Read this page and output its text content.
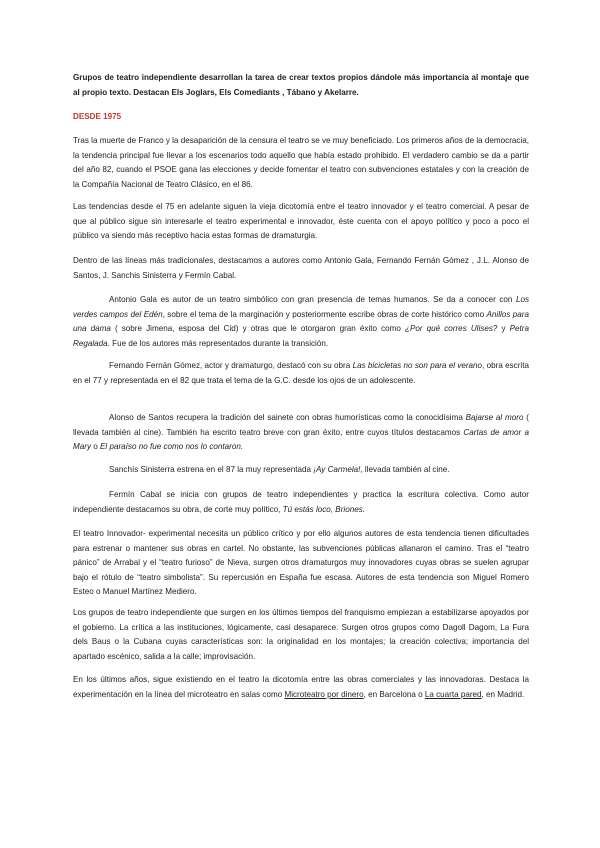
Grupos de teatro independiente desarrollan la tarea de crear textos propios dándole más importancia al montaje que al propio texto. Destacan Els Joglars, Els Comediants , Tábano y Akelarre.

DESDE 1975

Tras la muerte de Franco y la desaparición de la censura el teatro se ve muy beneficiado. Los primeros años de la democracia, la tendencia principal fue llevar a los escenarios todo aquello que había estado prohibido. El verdadero cambio se da a partir del año 82, cuando el PSOE gana las elecciones y decide fomentar el teatro con subvenciones estatales y con la creación de la Compañía Nacional de Teatro Clásico, en el 86.

Las tendencias desde el 75 en adelante siguen la vieja dicotomía entre el teatro innovador y el teatro comercial. A pesar de que al público sigue sin interesarle el teatro experimental e innovador, éste cuenta con el apoyo político y poco a poco el público va siendo más receptivo hacia estas formas de dramaturgia.

Dentro de las líneas más tradicionales, destacamos a autores como Antonio Gala, Fernando Fernán Gómez , J.L. Alonso de Santos, J. Sanchis Sinisterra y Fermín Cabal.

Antonio Gala es autor de un teatro simbólico con gran presencia de temas humanos. Se da a conocer con Los verdes campos del Edén, sobre el tema de la marginación y posteriormente escribe obras de corte histórico como Anillos para una dama ( sobre Jimena, esposa del Cid) y otras que le otorgaron gran éxito como ¿Por qué corres Ulises? y Petra Regalada. Fue de los autores más representados durante la transición.

Fernando Fernán Gómez, actor y dramaturgo, destacó con su obra Las bicicletas no son para el verano, obra escrita en el 77 y representada en el 82 que trata el tema de la G.C. desde los ojos de un adolescente.

Alonso de Santos recupera la tradición del sainete con obras humorísticas como la conocidísima Bajarse al moro ( llevada también al cine). También ha escrito teatro breve con gran éxito, entre cuyos títulos destacamos Cartas de amor a Mary o El paraíso no fue como nos lo contaron.

Sanchís Sinisterra estrena en el 87 la muy representada ¡Ay Carmela!, llevada también al cine.

Fermín Cabal se inicia con grupos de teatro independientes y practica la escritura colectiva. Como autor independiente destacamos su obra, de corte muy político, Tú estás loco, Briones.

El teatro Innovador- experimental necesita un público crítico y por ello algunos autores de esta tendencia tienen dificultades para estrenar o mantener sus obras en cartel. No obstante, las subvenciones públicas allanaron el camino. Tras el “teatro pánico” de Arrabal y el “teatro furioso” de Nieva, surgen otros dramaturgos muy innovadores cuyas obras se suelen agrupar bajo el rótulo de “teatro simbolista”. Su repercusión en España fue escasa. Autores de esta tendencia son Miguel Romero Esteo o Manuel Martínez Mediero.

Los grupos de teatro independiente que surgen en los últimos tiempos del franquismo empiezan a estabilizarse apoyados por el gobierno. La crítica a las instituciones, lógicamente, casi desaparece. Surgen otros grupos como Dagoll Dagom, La Fura dels Baus o la Cubana cuyas características son: la originalidad en los montajes; la creación colectiva; importancia del apartado escénico, salida a la calle; improvisación.

En los últimos años, sigue existiendo en el teatro la dicotomía entre las obras comerciales y las innovadoras. Destaca la experimentación en la línea del microteatro en salas como Microteatro por dinero, en Barcelona o La cuarta pared, en Madrid.
